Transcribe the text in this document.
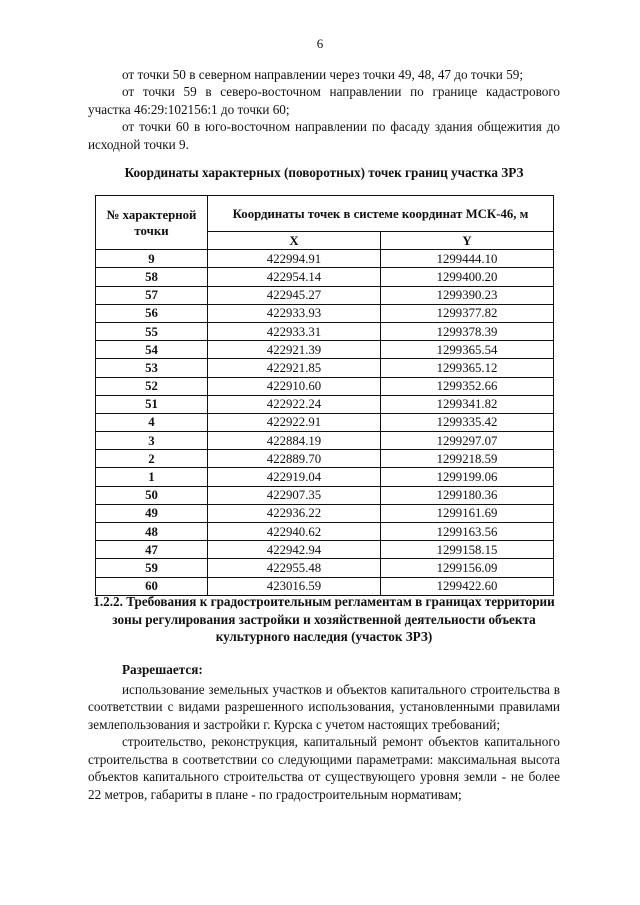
6

от точки 50 в северном направлении через точки 49, 48, 47 до точки 59;

от точки 59 в северо-восточном направлении по границе кадастрового участка 46:29:102156:1 до точки 60;

от точки 60 в юго-восточном направлении по фасаду здания общежития до исходной точки 9.

Координаты характерных (поворотных) точек границ участка ЗРЗ
№ характерной точки	Координаты точек в системе координат МСК-46, м	
	X	Y
9	422994.91	1299444.10
58	422954.14	1299400.20
57	422945.27	1299390.23
56	422933.93	1299377.82
55	422933.31	1299378.39
54	422921.39	1299365.54
53	422921.85	1299365.12
52	422910.60	1299352.66
51	422922.24	1299341.82
4	422922.91	1299335.42
3	422884.19	1299297.07
2	422889.70	1299218.59
1	422919.04	1299199.06
50	422907.35	1299180.36
49	422936.22	1299161.69
48	422940.62	1299163.56
47	422942.94	1299158.15
59	422955.48	1299156.09
60	423016.59	1299422.60
1.2.2. Требования к градостроительным регламентам в границах территории зоны регулирования застройки и хозяйственной деятельности объекта культурного наследия (участок ЗРЗ)
Разрешается:

использование земельных участков и объектов капитального строительства в соответствии с видами разрешенного использования, установленными правилами землепользования и застройки г. Курска с учетом настоящих требований;

строительство, реконструкция, капитальный ремонт объектов капитального строительства в соответствии со следующими параметрами: максимальная высота объектов капитального строительства от существующего уровня земли - не более 22 метров, габариты в плане - по градостроительным нормативам;
